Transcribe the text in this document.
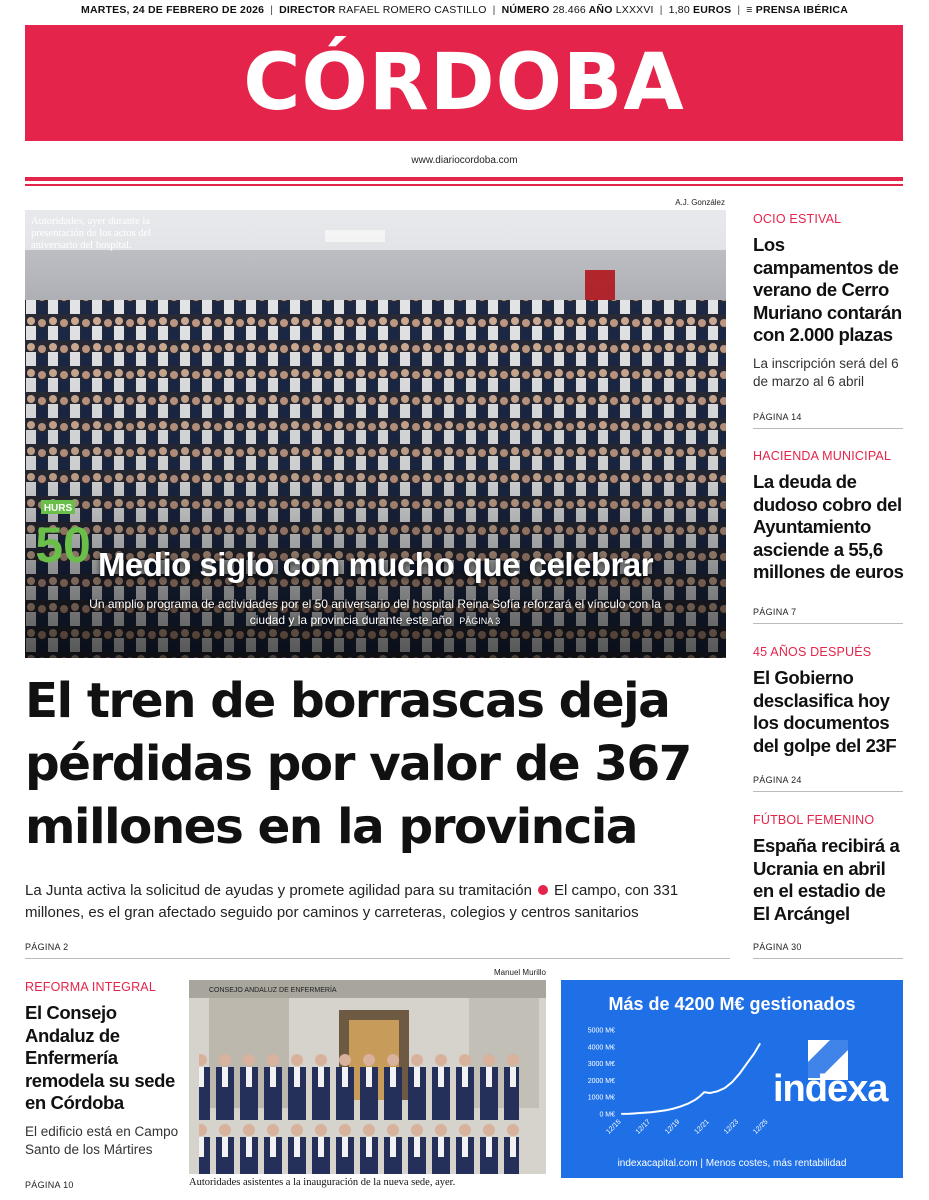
MARTES, 24 DE FEBRERO DE 2026 | DIRECTOR RAFAEL ROMERO CASTILLO | NÚMERO 28.466 AÑO LXXXVI | 1,80 EUROS | ≡ PRENSA IBÉRICA
CÓRDOBA
www.diariocordoba.com
A.J. González
HURS
50
Autoridades, ayer durante la presentación de los actos del aniversario del hospital.
Medio siglo con mucho que celebrar
Un amplio programa de actividades por el 50 aniversario del hospital Reina Sofía reforzará el vínculo con la ciudad y la provincia durante este año PÁGINA 3
El tren de borrascas deja pérdidas por valor de 367 millones en la provincia
La Junta activa la solicitud de ayudas y promete agilidad para su tramitación El campo, con 331 millones, es el gran afectado seguido por caminos y carreteras, colegios y centros sanitarios
PÁGINA 2
OCIO ESTIVAL
Los campamentos de verano de Cerro Muriano contarán con 2.000 plazas
La inscripción será del 6 de marzo al 6 abril
PÁGINA 14
HACIENDA MUNICIPAL
La deuda de dudoso cobro del Ayuntamiento asciende a 55,6 millones de euros
PÁGINA 7
45 AÑOS DESPUÉS
El Gobierno desclasifica hoy los documentos del golpe del 23F
PÁGINA 24
FÚTBOL FEMENINO
España recibirá a Ucrania en abril en el estadio de El Arcángel
PÁGINA 30
REFORMA INTEGRAL
El Consejo Andaluz de Enfermería remodela su sede en Córdoba
El edificio está en Campo Santo de los Mártires
PÁGINA 10
Manuel Murillo
CONSEJO ANDALUZ DE ENFERMERÍA
Autoridades asistentes a la inauguración de la nueva sede, ayer.
Más de 4200 M€ gestionados
0 M€
1000 M€
2000 M€
3000 M€
4000 M€
5000 M€
12/15 12/17 12/19 12/21 12/23 12/25
indexa
indexacapital.com | Menos costes, más rentabilidad
